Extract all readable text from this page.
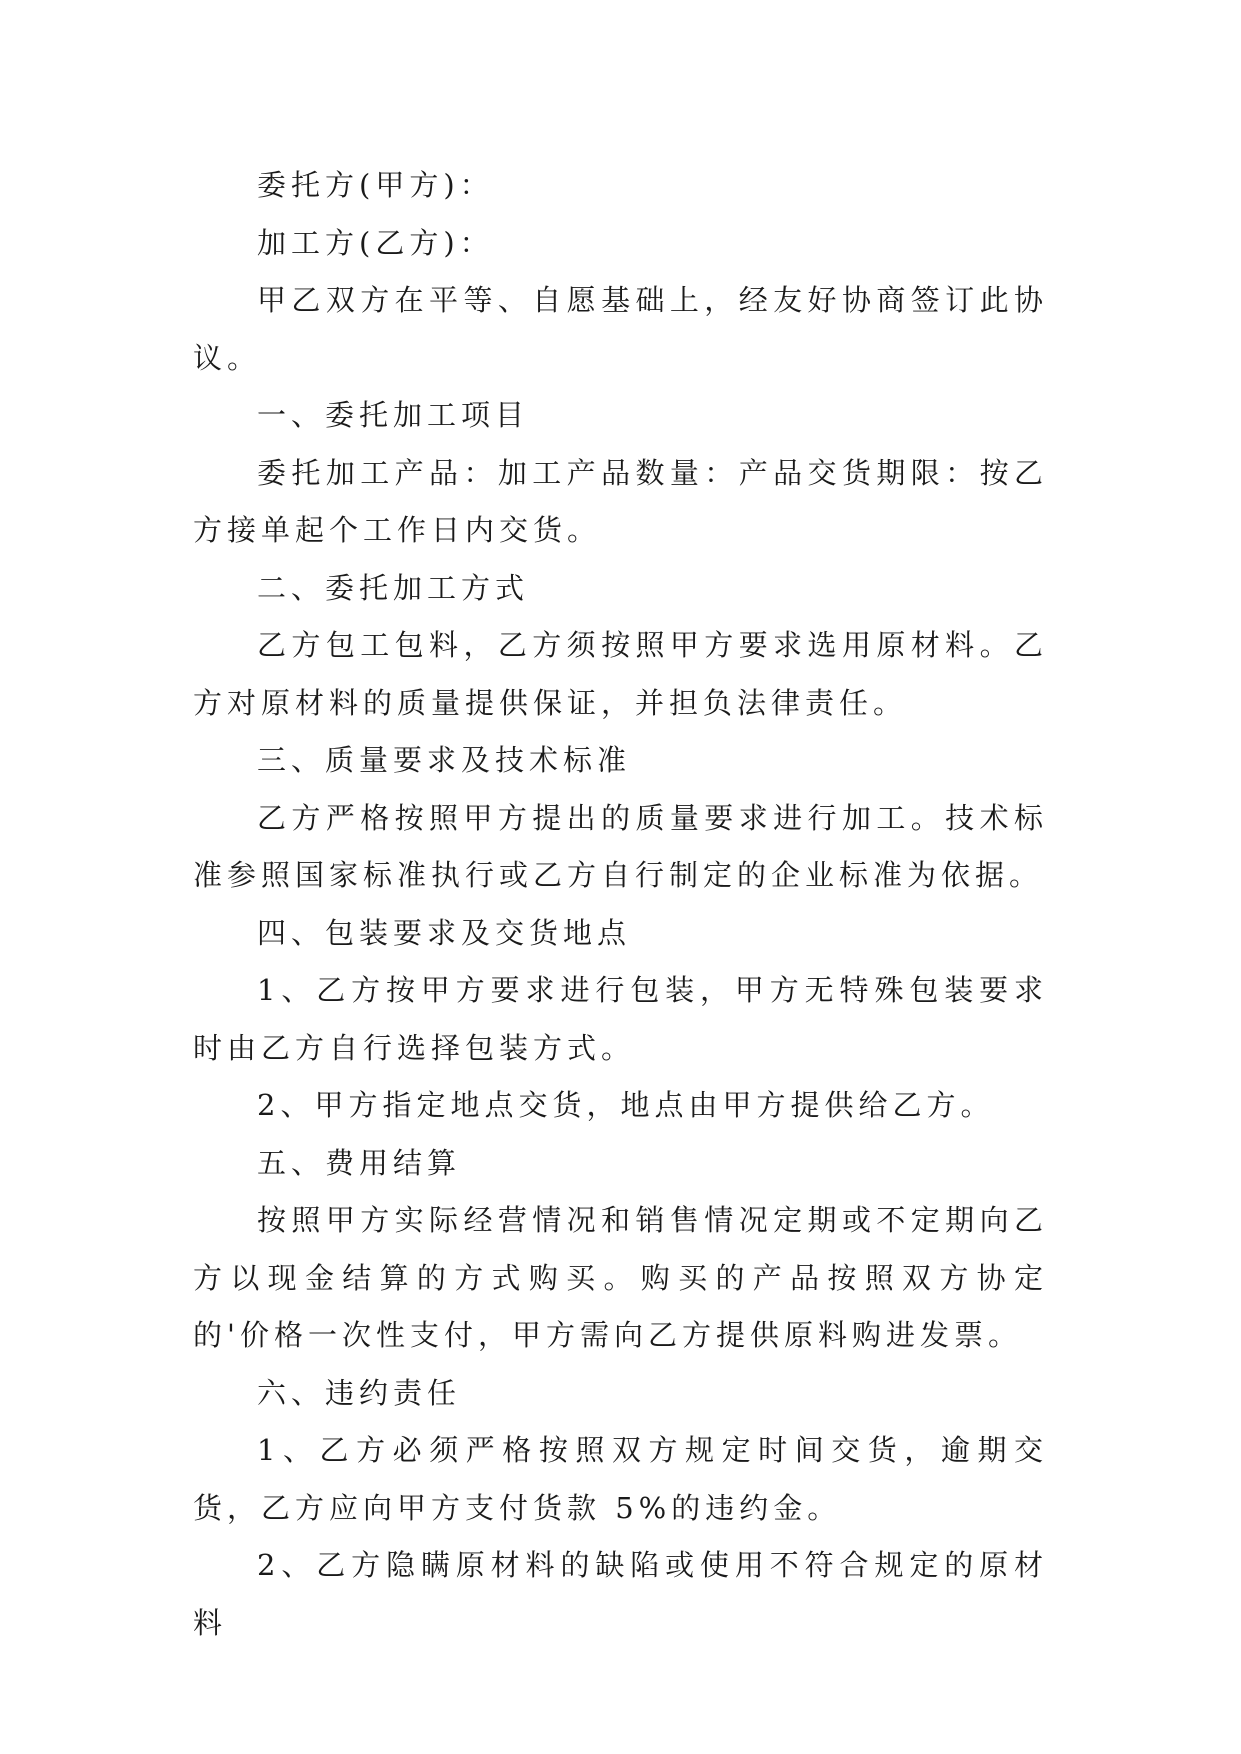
委托方(甲方)：

加工方(乙方)：

甲乙双方在平等、自愿基础上，经友好协商签订此协议。

一、委托加工项目

委托加工产品：加工产品数量：产品交货期限：按乙方接单起个工作日内交货。

二、委托加工方式

乙方包工包料，乙方须按照甲方要求选用原材料。乙方对原材料的质量提供保证，并担负法律责任。

三、质量要求及技术标准

乙方严格按照甲方提出的质量要求进行加工。技术标准参照国家标准执行或乙方自行制定的企业标准为依据。

四、包装要求及交货地点

1、乙方按甲方要求进行包装，甲方无特殊包装要求时由乙方自行选择包装方式。

2、甲方指定地点交货，地点由甲方提供给乙方。

五、费用结算

按照甲方实际经营情况和销售情况定期或不定期向乙方以现金结算的方式购买。购买的产品按照双方协定的'价格一次性支付，甲方需向乙方提供原料购进发票。

六、违约责任

1、乙方必须严格按照双方规定时间交货，逾期交货，乙方应向甲方支付货款 5%的违约金。

2、乙方隐瞒原材料的缺陷或使用不符合规定的原材料
